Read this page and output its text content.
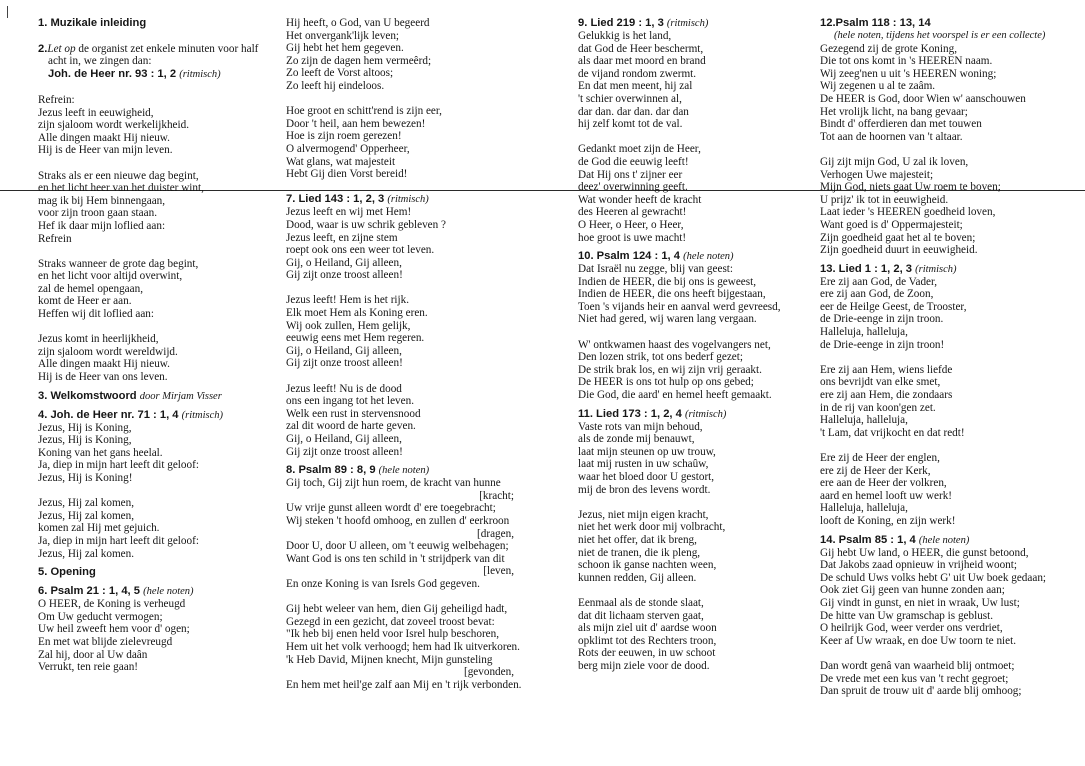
1. Muzikale inleiding

2.Let op de organist zet enkele minuten voor half

acht in, we zingen dan:

Joh. de Heer nr. 93 : 1, 2 (ritmisch)

Refrein:

Jezus leeft in eeuwigheid,

zijn sjaloom wordt werkelijkheid.

Alle dingen maakt Hij nieuw.

Hij is de Heer van mijn leven.

Straks als er een nieuwe dag begint,

en het licht heer van het duister wint,

mag ik bij Hem binnengaan,

voor zijn troon gaan staan.

Hef ik daar mijn loflied aan:

Refrein

Straks wanneer de grote dag begint,

en het licht voor altijd overwint,

zal de hemel opengaan,

komt de Heer er aan.

Heffen wij dit loflied aan:

Jezus komt in heerlijkheid,

zijn sjaloom wordt wereldwijd.

Alle dingen maakt Hij nieuw.

Hij is de Heer van ons leven.

3. Welkomstwoord door Mirjam Visser

4. Joh. de Heer nr. 71 : 1, 4 (ritmisch)

Jezus, Hij is Koning,

Jezus, Hij is Koning,

Koning van het gans heelal.

Ja, diep in mijn hart leeft dit geloof:

Jezus, Hij is Koning!

Jezus, Hij zal komen,

Jezus, Hij zal komen,

komen zal Hij met gejuich.

Ja, diep in mijn hart leeft dit geloof:

Jezus, Hij zal komen.

5. Opening

6. Psalm 21 : 1, 4, 5 (hele noten)

O HEER, de Koning is verheugd

Om Uw geducht vermogen;

Uw heil zweeft hem voor d' ogen;

En met wat blijde zielevreugd

Zal hij, door al Uw daân

Verrukt, ten reie gaan!

Hij heeft, o God, van U begeerd

Het onvergank'lijk leven;

Gij hebt het hem gegeven.

Zo zijn de dagen hem vermeêrd;

Zo leeft de Vorst altoos;

Zo leeft hij eindeloos.

Hoe groot en schitt'rend is zijn eer,

Door 't heil, aan hem bewezen!

Hoe is zijn roem gerezen!

O alvermogend' Opperheer,

Wat glans, wat majesteit

Hebt Gij dien Vorst bereid!

7. Lied 143 : 1, 2, 3 (ritmisch)

Jezus leeft en wij met Hem!

Dood, waar is uw schrik gebleven ?

Jezus leeft, en zijne stem

roept ook ons een weer tot leven.

Gij, o Heiland, Gij alleen,

Gij zijt onze troost alleen!

Jezus leeft! Hem is het rijk.

Elk moet Hem als Koning eren.

Wij ook zullen, Hem gelijk,

eeuwig eens met Hem regeren.

Gij, o Heiland, Gij alleen,

Gij zijt onze troost alleen!

Jezus leeft! Nu is de dood

ons een ingang tot het leven.

Welk een rust in stervensnood

zal dit woord de harte geven.

Gij, o Heiland, Gij alleen,

Gij zijt onze troost alleen!

8. Psalm 89 : 8, 9 (hele noten)

Gij toch, Gij zijt hun roem, de kracht van hunne

[kracht;

Uw vrije gunst alleen wordt d' ere toegebracht;

Wij steken 't hoofd omhoog, en zullen d' eerkroon

[dragen,

Door U, door U alleen, om 't eeuwig welbehagen;

Want God is ons ten schild in 't strijdperk van dit

[leven,

En onze Koning is van Isrels God gegeven.

Gij hebt weleer van hem, dien Gij geheiligd hadt,

Gezegd in een gezicht, dat zoveel troost bevat:

"Ik heb bij enen held voor Isrel hulp beschoren,

Hem uit het volk verhoogd; hem had Ik uitverkoren.

'k Heb David, Mijnen knecht, Mijn gunsteling

[gevonden,

En hem met heil'ge zalf aan Mij en 't rijk verbonden.

9. Lied 219 : 1, 3 (ritmisch)

Gelukkig is het land,

dat God de Heer beschermt,

als daar met moord en brand

de vijand rondom zwermt.

En dat men meent, hij zal

't schier overwinnen al,

dar dan. dar dan. dar dan

hij zelf komt tot de val.

Gedankt moet zijn de Heer,

de God die eeuwig leeft!

Dat Hij ons t' zijner eer

deez' overwinning geeft.

Wat wonder heeft de kracht

des Heeren al gewracht!

O Heer, o Heer, o Heer,

hoe groot is uwe macht!

10. Psalm 124 : 1, 4 (hele noten)

Dat Israël nu zegge, blij van geest:

Indien de HEER, die bij ons is geweest,

Indien de HEER, die ons heeft bijgestaan,

Toen 's vijands heir en aanval werd gevreesd,

Niet had gered, wij waren lang vergaan.

W' ontkwamen haast des vogelvangers net,

Den lozen strik, tot ons bederf gezet;

De strik brak los, en wij zijn vrij geraakt.

De HEER is ons tot hulp op ons gebed;

Die God, die aard' en hemel heeft gemaakt.

11. Lied 173 : 1, 2, 4 (ritmisch)

Vaste rots van mijn behoud,

als de zonde mij benauwt,

laat mijn steunen op uw trouw,

laat mij rusten in uw schaûw,

waar het bloed door U gestort,

mij de bron des levens wordt.

Jezus, niet mijn eigen kracht,

niet het werk door mij volbracht,

niet het offer, dat ik breng,

niet de tranen, die ik pleng,

schoon ik ganse nachten ween,

kunnen redden, Gij alleen.

Eenmaal als de stonde slaat,

dat dit lichaam sterven gaat,

als mijn ziel uit d' aardse woon

opklimt tot des Rechters troon,

Rots der eeuwen, in uw schoot

berg mijn ziele voor de dood.

12.Psalm 118 : 13, 14

(hele noten, tijdens het voorspel is er een collecte)

Gezegend zij de grote Koning,

Die tot ons komt in 's HEEREN naam.

Wij zeeg'nen u uit 's HEEREN woning;

Wij zegenen u al te zaâm.

De HEER is God, door Wien w' aanschouwen

Het vrolijk licht, na bang gevaar;

Bindt d' offerdieren dan met touwen

Tot aan de hoornen van 't altaar.

Gij zijt mijn God, U zal ik loven,

Verhogen Uwe majesteit;

Mijn God, niets gaat Uw roem te boven;

U prijz' ik tot in eeuwigheid.

Laat ieder 's HEEREN goedheid loven,

Want goed is d' Oppermajesteit;

Zijn goedheid gaat het al te boven;

Zijn goedheid duurt in eeuwigheid.

13. Lied 1 : 1, 2, 3 (ritmisch)

Ere zij aan God, de Vader,

ere zij aan God, de Zoon,

eer de Heilge Geest, de Trooster,

de Drie-eenge in zijn troon.

Halleluja, halleluja,

de Drie-eenge in zijn troon!

Ere zij aan Hem, wiens liefde

ons bevrijdt van elke smet,

ere zij aan Hem, die zondaars

in de rij van koon'gen zet.

Halleluja, halleluja,

't Lam, dat vrijkocht en dat redt!

Ere zij de Heer der englen,

ere zij de Heer der Kerk,

ere aan de Heer der volkren,

aard en hemel looft uw werk!

Halleluja, halleluja,

looft de Koning, en zijn werk!

14. Psalm 85 : 1, 4 (hele noten)

Gij hebt Uw land, o HEER, die gunst betoond,

Dat Jakobs zaad opnieuw in vrijheid woont;

De schuld Uws volks hebt G' uit Uw boek gedaan;

Ook ziet Gij geen van hunne zonden aan;

Gij vindt in gunst, en niet in wraak, Uw lust;

De hitte van Uw gramschap is geblust.

O heilrijk God, weer verder ons verdriet,

Keer af Uw wraak, en doe Uw toorn te niet.

Dan wordt genâ van waarheid blij ontmoet;

De vrede met een kus van 't recht gegroet;

Dan spruit de trouw uit d' aarde blij omhoog;
